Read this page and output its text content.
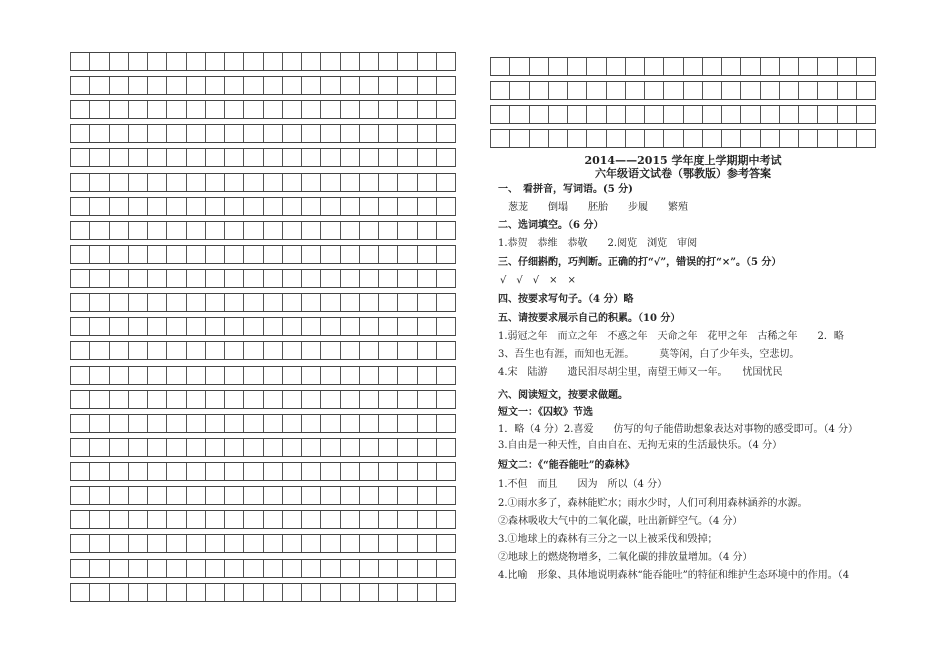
2014——2015 学年度上学期期中考试

六年级语文试卷（鄂教版）参考答案

一、　看拼音，写词语。(5 分)

葱茏　　倒塌　　胚胎　　步履　　繁殖

二、选词填空。（6 分）

1.恭贺　恭维　恭敬　　2.阅览　浏览　审阅

三、仔细斟酌，巧判断。正确的打“√”，错误的打“×”。（5 分）

√　√　√　×　×

四、按要求写句子。（4 分）略

五、请按要求展示自己的积累。（10 分）

1.弱冠之年　而立之年　不惑之年　天命之年　花甲之年　古稀之年　　2．略

3、吾生也有涯，而知也无涯。　　　莫等闲，白了少年头，空悲切。

4.宋　陆游　　遗民泪尽胡尘里，南望王师又一年。　　忧国忧民

六、阅读短文，按要求做题。

短文一：《囚蚁》节选

1．略（4 分）2.喜爱　　仿写的句子能借助想象表达对事物的感受即可。（4 分）

3.自由是一种天性，自由自在、无拘无束的生活最快乐。（4 分）

短文二：《“能吞能吐”的森林》

1.不但　而且　　因为　所以（4 分）

2.①雨水多了，森林能贮水；雨水少时，人们可利用森林涵养的水源。

②森林吸收大气中的二氧化碳，吐出新鲜空气。（4 分）

3.①地球上的森林有三分之一以上被采伐和毁掉；

②地球上的燃烧物增多，二氧化碳的排放量增加。（4 分）

4.比喻　形象、具体地说明森林“能吞能吐”的特征和维护生态环境中的作用。（4
